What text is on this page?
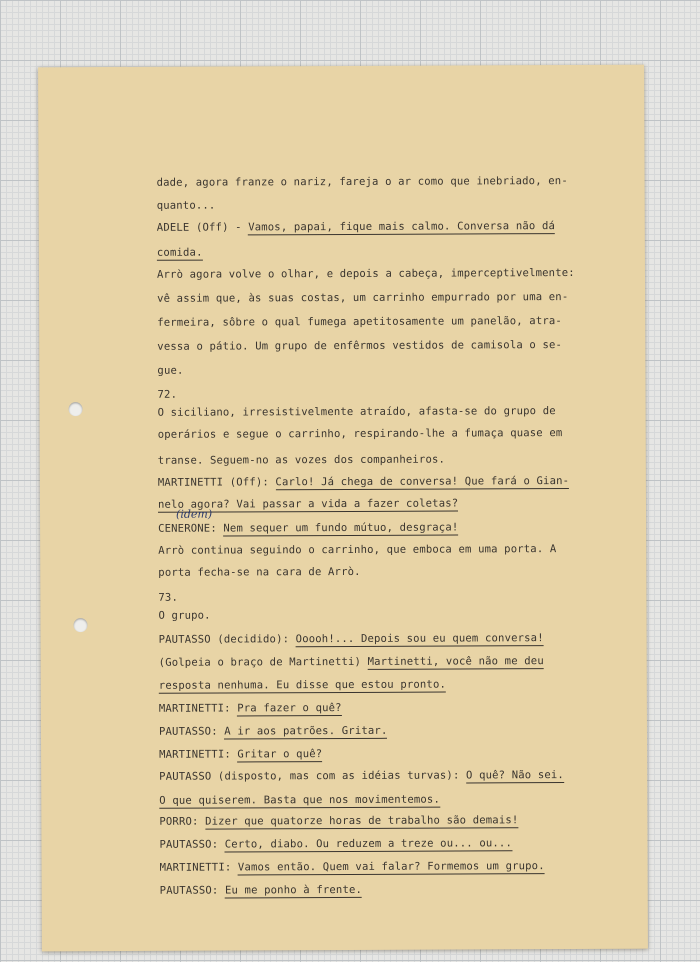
dade, agora franze o nariz, fareja o ar como que inebriado, en-

quanto...

ADELE (Off) - Vamos, papai, fique mais calmo. Conversa não dá

comida.

Arrò agora volve o olhar, e depois a cabeça, imperceptivelmente:

vê assim que, às suas costas, um carrinho empurrado por uma en-

fermeira, sôbre o qual fumega apetitosamente um panelão, atra-

vessa o pátio. Um grupo de enfêrmos vestidos de camisola o se-

gue.

72.

O siciliano, irresistivelmente atraído, afasta-se do grupo de

operários e segue o carrinho, respirando-lhe a fumaça quase em

transe. Seguem-no as vozes dos companheiros.

MARTINETTI (Off): Carlo! Já chega de conversa! Que fará o Gian-

nelo agora? Vai passar a vida a fazer coletas?

CENERONE: Nem sequer um fundo mútuo, desgraça!

Arrò continua seguindo o carrinho, que emboca em uma porta. A

porta fecha-se na cara de Arrò.

73.

O grupo.

PAUTASSO (decidido): Ooooh!... Depois sou eu quem conversa!

(Golpeia o braço de Martinetti) Martinetti, você não me deu

resposta nenhuma. Eu disse que estou pronto.

MARTINETTI: Pra fazer o quê?

PAUTASSO: A ir aos patrões. Gritar.

MARTINETTI: Gritar o quê?

PAUTASSO (disposto, mas com as idéias turvas): O quê? Não sei.

O que quiserem. Basta que nos movimentemos.

PORRO: Dizer que quatorze horas de trabalho são demais!

PAUTASSO: Certo, diabo. Ou reduzem a treze ou... ou...

MARTINETTI: Vamos então. Quem vai falar? Formemos um grupo.

PAUTASSO: Eu me ponho à frente.

(idem)
